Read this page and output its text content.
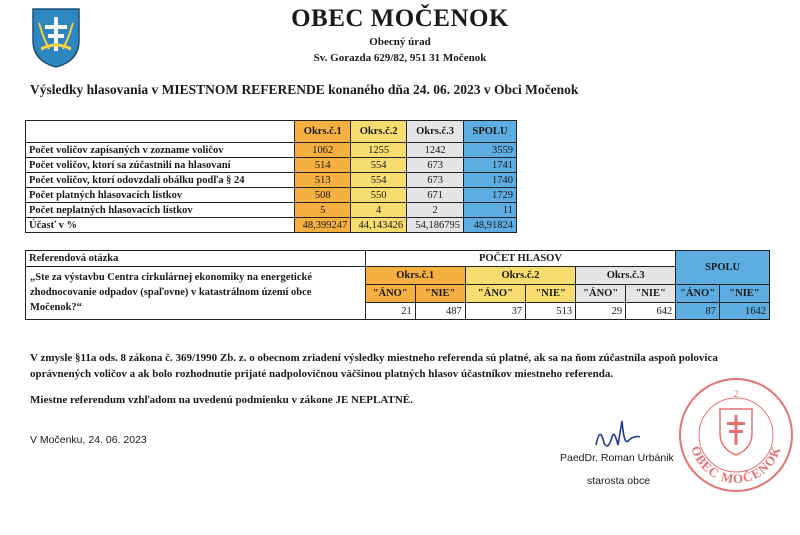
OBEC MOČENOK
Obecný úrad
Sv. Gorazda 629/82, 951 31 Močenok
Výsledky hlasovania v MIESTNOM REFERENDE konaného dňa 24. 06. 2023 v Obci Močenok
	Okrs.č.1	Okrs.č.2	Okrs.č.3	SPOLU
Počet voličov zapísaných v zozname voličov	1062	1255	1242	3559
Počet voličov, ktorí sa zúčastnili na hlasovaní	514	554	673	1741
Počet voličov, ktorí odovzdali obálku podľa § 24	513	554	673	1740
Počet platných hlasovacích lístkov	508	550	671	1729
Počet neplatných hlasovacích lístkov	5	4	2	11
Účasť v %	48,399247	44,143426	54,186795	48,91824
Referendová otázka	POČET HLASOV						SPOLU	
„Ste za výstavbu Centra cirkulárnej ekonomiky na energetické zhodnocovanie odpadov (spaľovne) v katastrálnom území obce Močenok?“	Okrs.č.1		Okrs.č.2		Okrs.č.3			
	"ÁNO"	"NIE"	"ÁNO"	"NIE"	"ÁNO"	"NIE"	"ÁNO"	"NIE"
	21	487	37	513	29	642	87	1642
V zmysle §11a ods. 8 zákona č. 369/1990 Zb. z. o obecnom zriadení výsledky miestneho referenda sú platné, ak sa na ňom zúčastnila aspoň polovica oprávnených voličov a ak bolo rozhodnutie prijaté nadpolovičnou väčšinou platných hlasov účastníkov miestneho referenda.
Miestne referendum vzhľadom na uvedenú podmienku v zákone JE NEPLATNÉ.
V Močenku, 24. 06. 2023
PaedDr. Roman Urbánik
starosta obce
2
OBEC MOČENOK
